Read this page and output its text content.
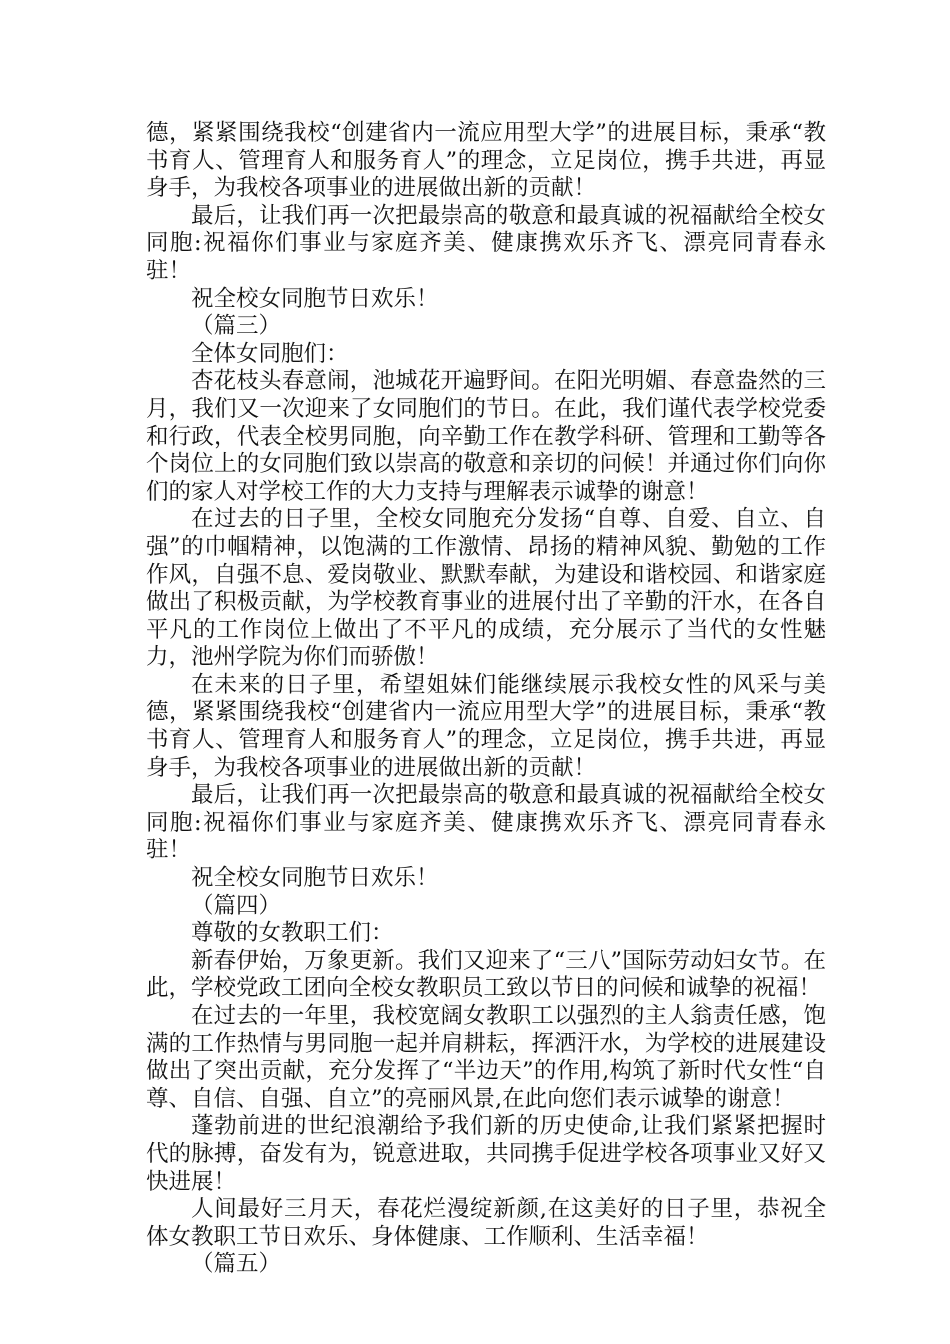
德，紧紧围绕我校“创建省内一流应用型大学”的进展目标，秉承“教书育人、管理育人和服务育人”的理念，立足岗位，携手共进，再显身手，为我校各项事业的进展做出新的贡献！

最后，让我们再一次把最崇高的敬意和最真诚的祝福献给全校女同胞:祝福你们事业与家庭齐美、健康携欢乐齐飞、漂亮同青春永驻！

祝全校女同胞节日欢乐！

（篇三）

全体女同胞们：

杏花枝头春意闹，池城花开遍野间。在阳光明媚、春意盎然的三月，我们又一次迎来了女同胞们的节日。在此，我们谨代表学校党委和行政，代表全校男同胞，向辛勤工作在教学科研、管理和工勤等各个岗位上的女同胞们致以崇高的敬意和亲切的问候！并通过你们向你们的家人对学校工作的大力支持与理解表示诚挚的谢意！

在过去的日子里，全校女同胞充分发扬“自尊、自爱、自立、自强”的巾帼精神，以饱满的工作激情、昂扬的精神风貌、勤勉的工作作风，自强不息、爱岗敬业、默默奉献，为建设和谐校园、和谐家庭做出了积极贡献，为学校教育事业的进展付出了辛勤的汗水，在各自平凡的工作岗位上做出了不平凡的成绩，充分展示了当代的女性魅力，池州学院为你们而骄傲！

在未来的日子里，希望姐妹们能继续展示我校女性的风采与美德，紧紧围绕我校“创建省内一流应用型大学”的进展目标，秉承“教书育人、管理育人和服务育人”的理念，立足岗位，携手共进，再显身手，为我校各项事业的进展做出新的贡献！

最后，让我们再一次把最崇高的敬意和最真诚的祝福献给全校女同胞:祝福你们事业与家庭齐美、健康携欢乐齐飞、漂亮同青春永驻！

祝全校女同胞节日欢乐！

（篇四）

尊敬的女教职工们：

新春伊始，万象更新。我们又迎来了“三八”国际劳动妇女节。在此，学校党政工团向全校女教职员工致以节日的问候和诚挚的祝福！

在过去的一年里，我校宽阔女教职工以强烈的主人翁责任感，饱满的工作热情与男同胞一起并肩耕耘，挥洒汗水，为学校的进展建设做出了突出贡献，充分发挥了“半边天”的作用,构筑了新时代女性“自尊、自信、自强、自立”的亮丽风景,在此向您们表示诚挚的谢意！

蓬勃前进的世纪浪潮给予我们新的历史使命,让我们紧紧把握时代的脉搏，奋发有为，锐意进取，共同携手促进学校各项事业又好又快进展！

人间最好三月天，春花烂漫绽新颜,在这美好的日子里，恭祝全体女教职工节日欢乐、身体健康、工作顺利、生活幸福！

（篇五）
